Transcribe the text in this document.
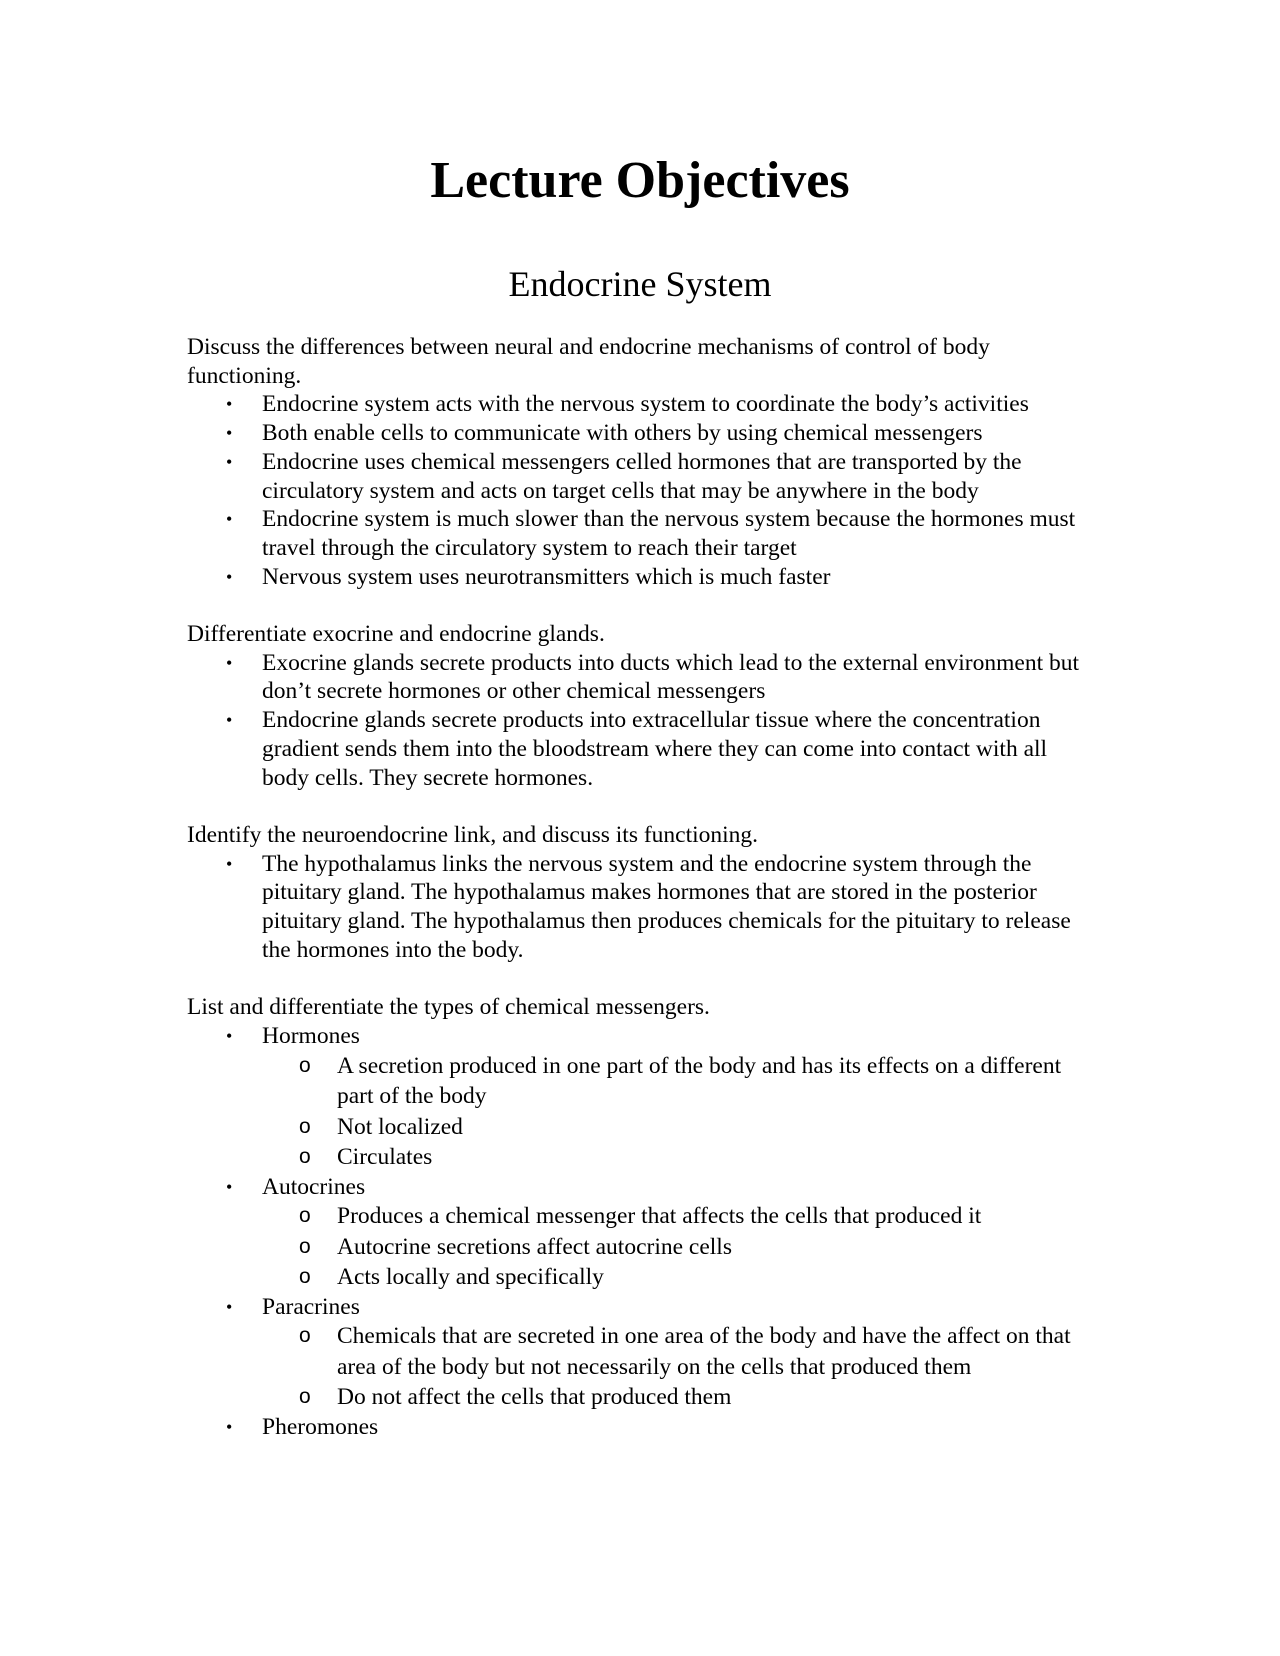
Lecture Objectives
Endocrine System

Discuss the differences between neural and endocrine mechanisms of control of body functioning.

• Endocrine system acts with the nervous system to coordinate the body’s activities
• Both enable cells to communicate with others by using chemical messengers
• Endocrine uses chemical messengers celled hormones that are transported by the circulatory system and acts on target cells that may be anywhere in the body
• Endocrine system is much slower than the nervous system because the hormones must travel through the circulatory system to reach their target
• Nervous system uses neurotransmitters which is much faster

Differentiate exocrine and endocrine glands.

• Exocrine glands secrete products into ducts which lead to the external environment but don’t secrete hormones or other chemical messengers
• Endocrine glands secrete products into extracellular tissue where the concentration gradient sends them into the bloodstream where they can come into contact with all body cells. They secrete hormones.

Identify the neuroendocrine link, and discuss its functioning.

• The hypothalamus links the nervous system and the endocrine system through the pituitary gland. The hypothalamus makes hormones that are stored in the posterior pituitary gland. The hypothalamus then produces chemicals for the pituitary to release the hormones into the body.

List and differentiate the types of chemical messengers.

• Hormones
o A secretion produced in one part of the body and has its effects on a different part of the body
o Not localized
o Circulates
• Autocrines
o Produces a chemical messenger that affects the cells that produced it
o Autocrine secretions affect autocrine cells
o Acts locally and specifically
• Paracrines
o Chemicals that are secreted in one area of the body and have the affect on that area of the body but not necessarily on the cells that produced them
o Do not affect the cells that produced them
• Pheromones
